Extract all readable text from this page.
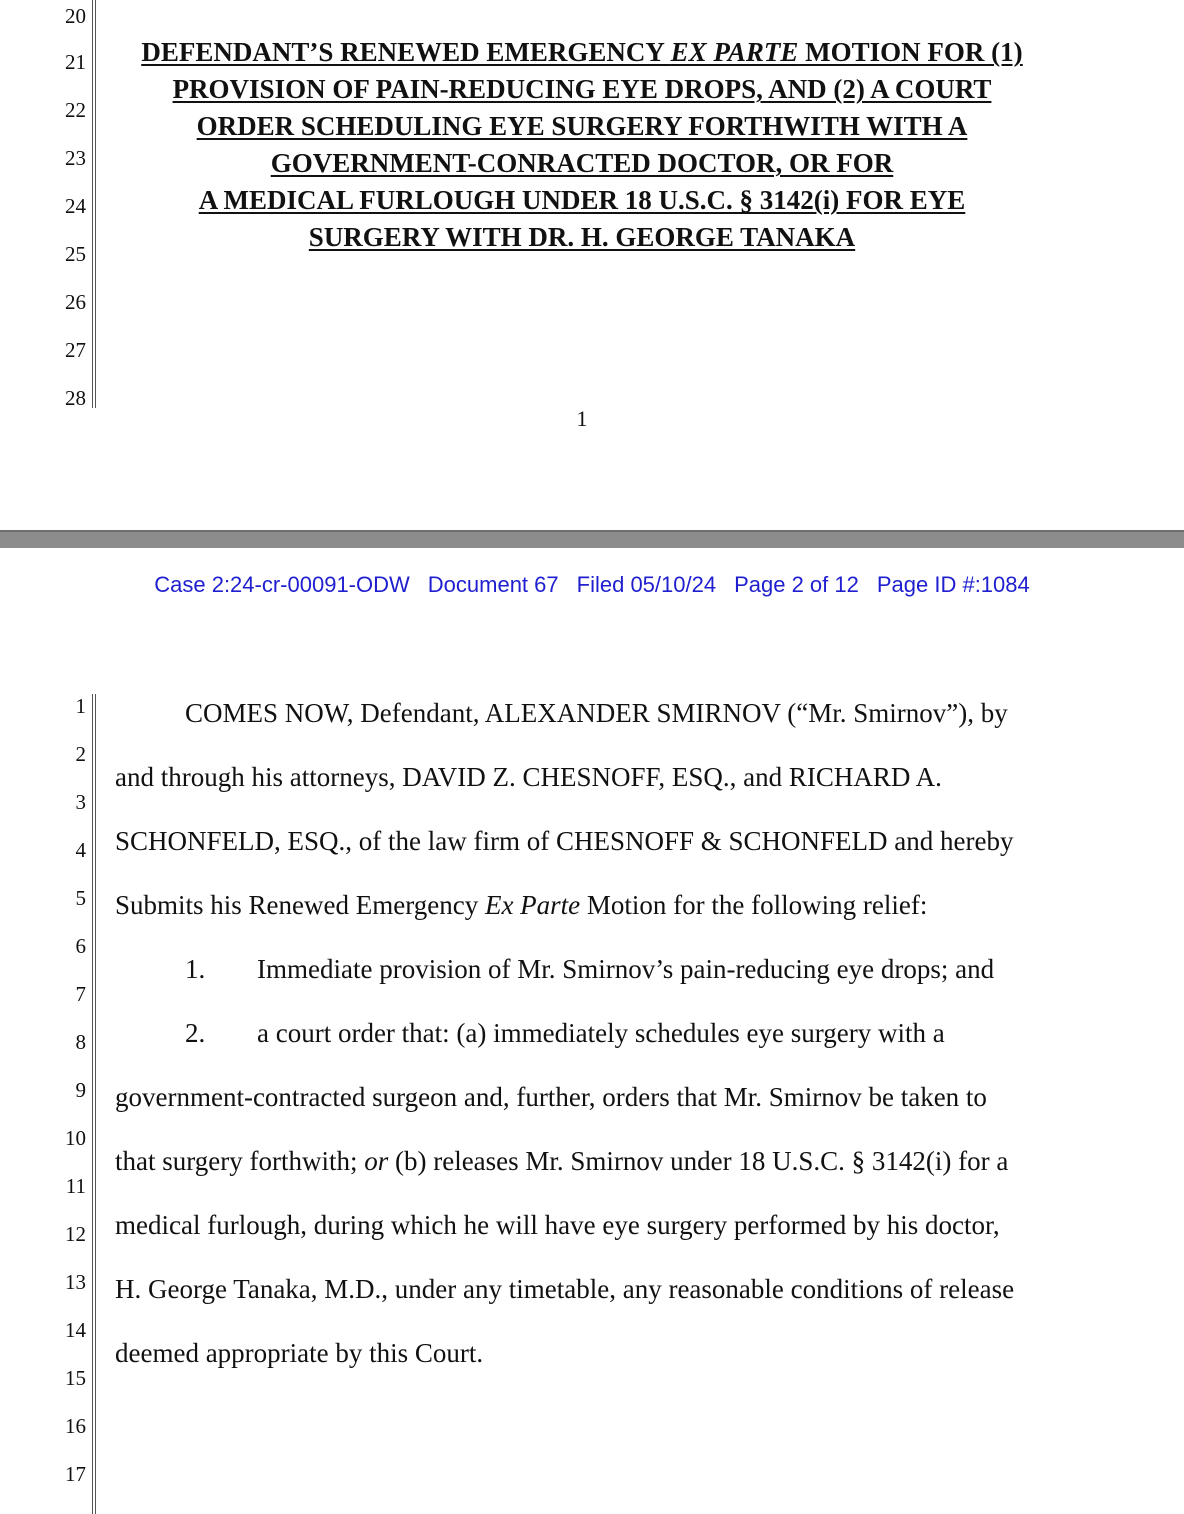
20
21
22
23
24
25
26
27
28
DEFENDANT’S RENEWED EMERGENCY EX PARTE MOTION FOR (1)
PROVISION OF PAIN-REDUCING EYE DROPS, AND (2) A COURT
ORDER SCHEDULING EYE SURGERY FORTHWITH WITH A
GOVERNMENT-CONRACTED DOCTOR, OR FOR
A MEDICAL FURLOUGH UNDER 18 U.S.C. § 3142(i) FOR EYE
SURGERY WITH DR. H. GEORGE TANAKA
1
Case 2:24-cr-00091-ODW Document 67 Filed 05/10/24 Page 2 of 12 Page ID #:1084
1
2
3
4
5
6
7
8
9
10
11
12
13
14
15
16
17
COMES NOW, Defendant, ALEXANDER SMIRNOV (“Mr. Smirnov”), by
and through his attorneys, DAVID Z. CHESNOFF, ESQ., and RICHARD A.
SCHONFELD, ESQ., of the law firm of CHESNOFF & SCHONFELD and hereby
Submits his Renewed Emergency Ex Parte Motion for the following relief:
1. Immediate provision of Mr. Smirnov’s pain-reducing eye drops; and
2. a court order that: (a) immediately schedules eye surgery with a
government-contracted surgeon and, further, orders that Mr. Smirnov be taken to
that surgery forthwith; or (b) releases Mr. Smirnov under 18 U.S.C. § 3142(i) for a
medical furlough, during which he will have eye surgery performed by his doctor,
H. George Tanaka, M.D., under any timetable, any reasonable conditions of release
deemed appropriate by this Court.
